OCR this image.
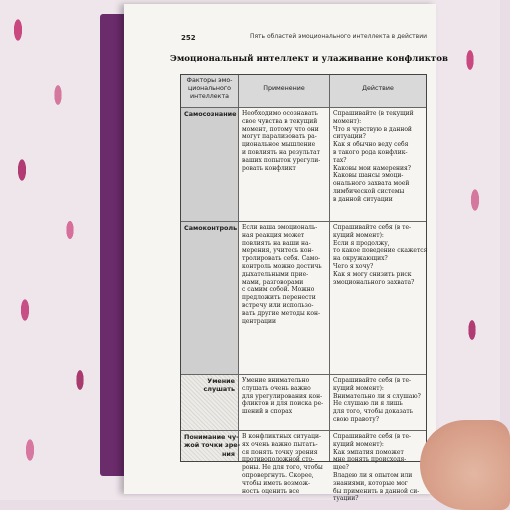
252	Пять областей эмоционального интеллекта в действии
Эмоциональный интеллект и улаживание конфликтов
Факторы эмо-
ционального
интеллекта
Применение	Действие
Самосознание Необходимо осознавать
свое чувства в текущий
момент, потому что они
могут парализовать ра-
циональное мышление
и повлиять на результат
ваших попыток урегули-
ровать конфликт
Спрашивайте (в текущий
момент):
Что я чувствую в данной
ситуации?
Как я обычно веду себя
в такого рода конфлик-
тах?
Каковы мои намерения?
Каковы шансы эмоци-
онального захвата моей
лимбической системы
в данной ситуации
Самоконтроль Если ваша эмоциональ-
ная реакция может
повлиять на ваши на-
мерения, учитесь кон-
тролировать себя. Само-
контроль можно достичь
дыхательными прие-
мами, разговорами
с самим собой. Можно
предложить перенести
встречу или использо-
вать другие методы кон-
центрации
Спрашивайте себя (в те-
кущий момент):
Если я продолжу,
то какое поведение скажется
на окружающих?
Чего я хочу?
Как я могу снизить риск
эмоционального захвата?
Умение
слушать
Умение внимательно
слушать очень важно
для урегулирования кон-
фликтов и для поиска ре-
шений в спорах
Спрашивайте себя (в те-
кущий момент):
Внимательно ли я слушаю?
Не слушаю ли я лишь
для того, чтобы доказать
свою правоту?
Понимание чу-
жой точки зре-
ния
В конфликтных ситуаци-
ях очень важно пытать-
ся понять точку зрения
противоположной сто-
роны. Не для того, чтобы
опровергнуть. Скорее,
чтобы иметь возмож-
ность оценить все
Спрашивайте себя (в те-
кущий момент):
Как эмпатия поможет
мне понять происходя-
щее?
Владею ли я опытом или
знаниями, которые мог
бы применить в данной си-
туации?
